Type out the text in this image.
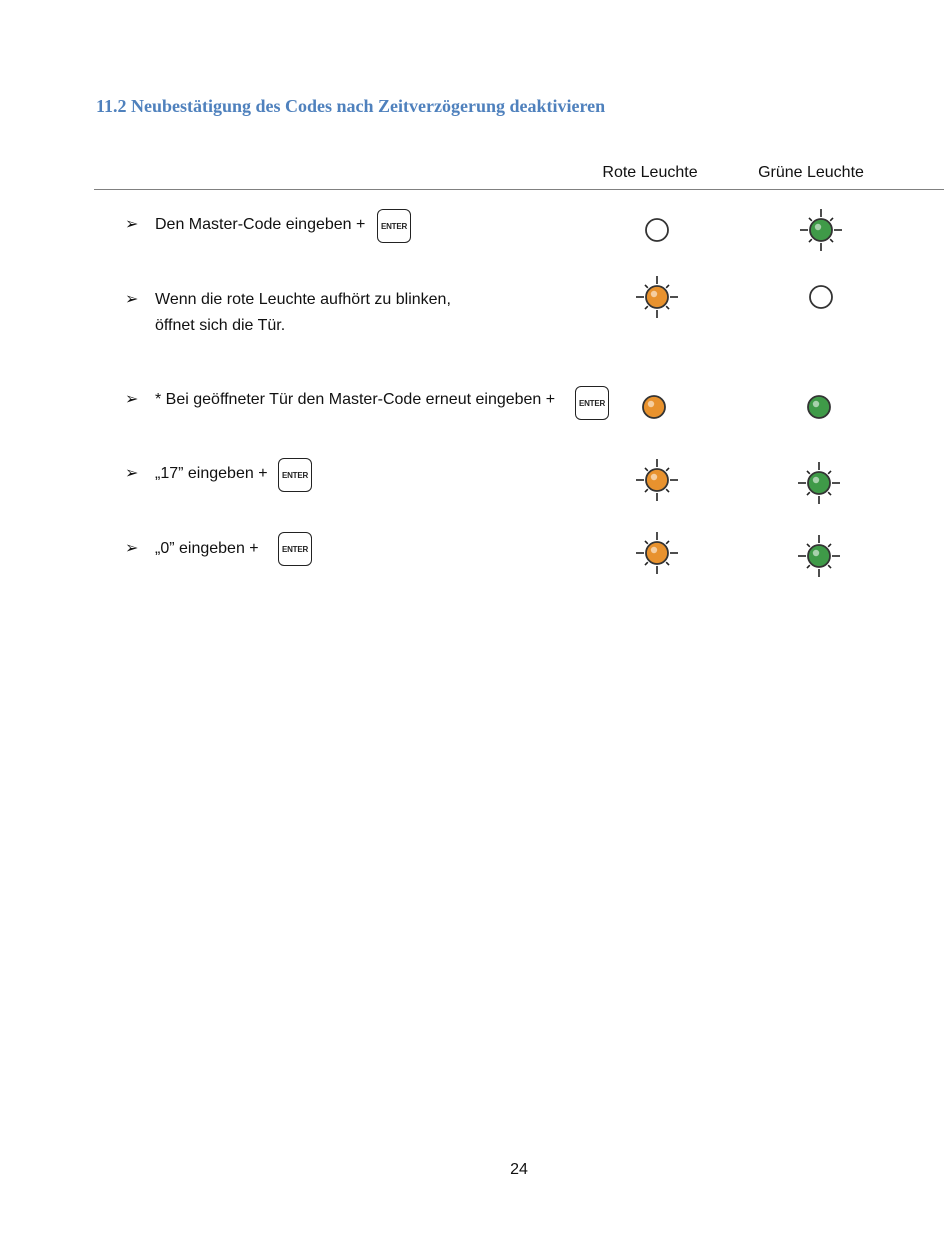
11.2 Neubestätigung des Codes nach Zeitverzögerung deaktivieren
Rote Leuchte	Grüne Leuchte
➢ Den Master-Code eingeben + ENTER
➢ Wenn die rote Leuchte aufhört zu blinken,
öffnet sich die Tür.
➢ * Bei geöffneter Tür den Master-Code erneut eingeben +	ENTER
➢ „17” eingeben + ENTER
➢ „0” eingeben +	ENTER
24
